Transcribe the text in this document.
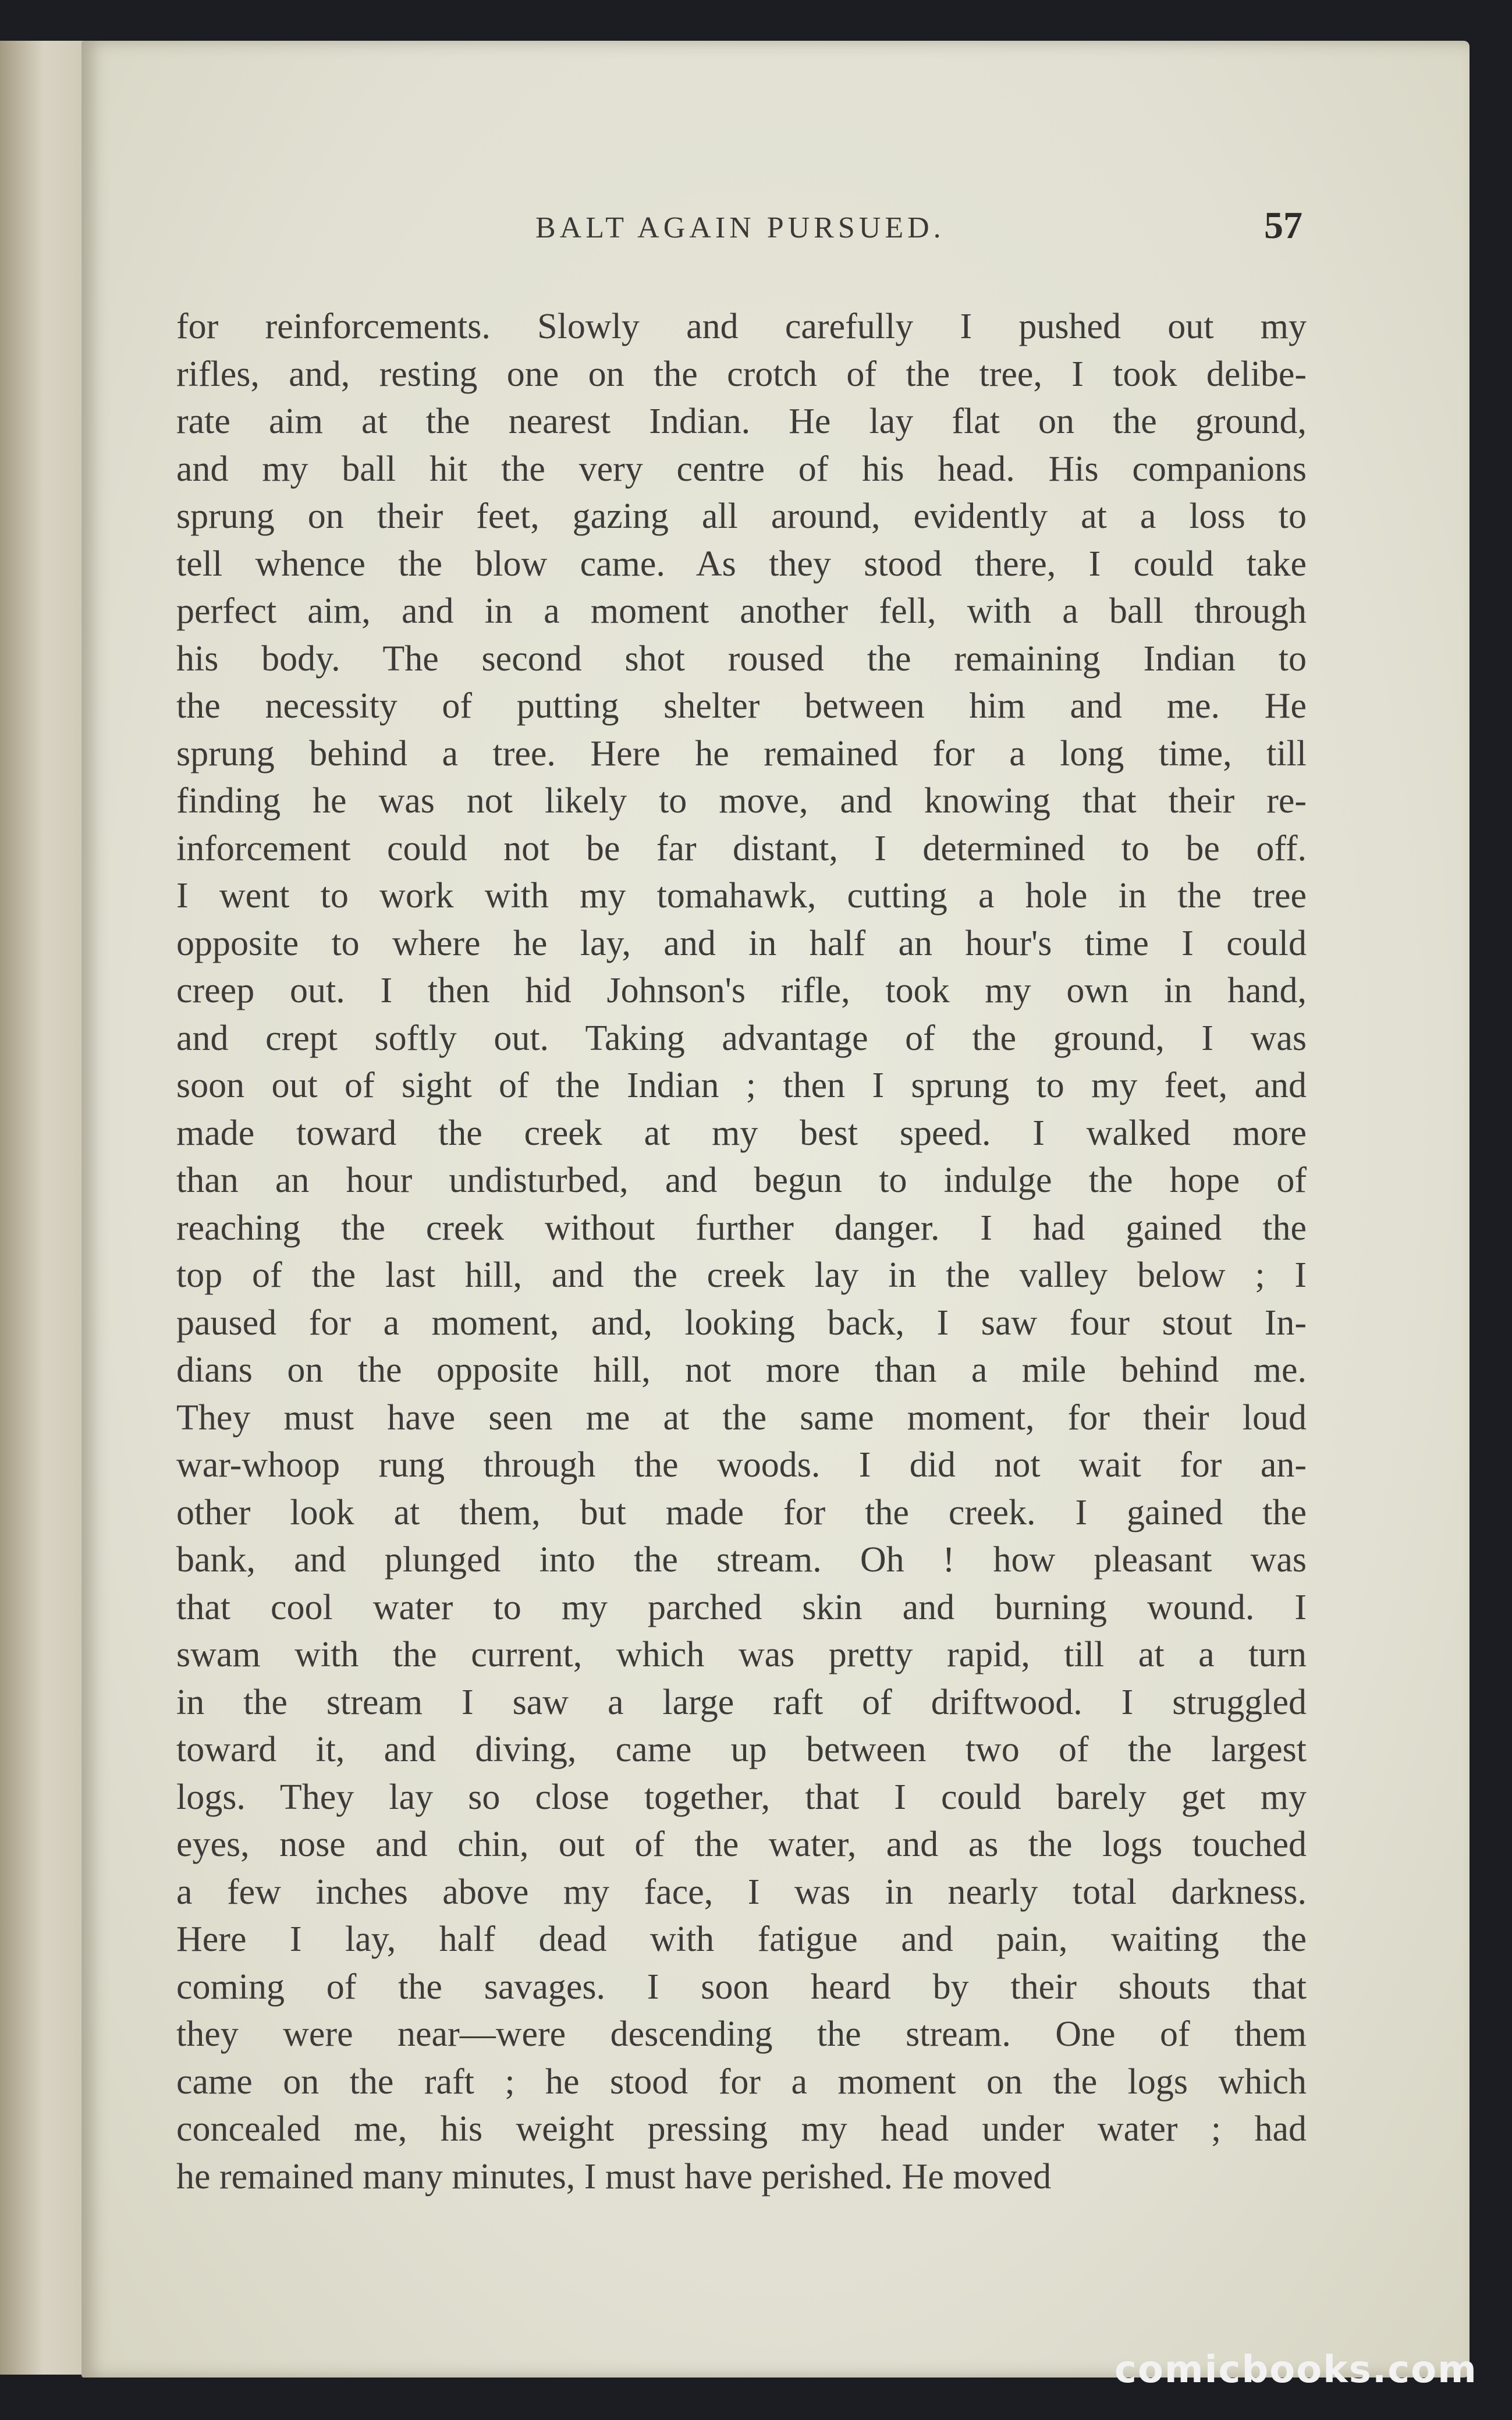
BALT AGAIN PURSUED.	57
for reinforcements. Slowly and carefully I pushed out my
rifles, and, resting one on the crotch of the tree, I took delibe-
rate aim at the nearest Indian. He lay flat on the ground,
and my ball hit the very centre of his head. His companions
sprung on their feet, gazing all around, evidently at a loss to
tell whence the blow came. As they stood there, I could take
perfect aim, and in a moment another fell, with a ball through
his body. The second shot roused the remaining Indian to
the necessity of putting shelter between him and me. He
sprung behind a tree. Here he remained for a long time, till
finding he was not likely to move, and knowing that their re-
inforcement could not be far distant, I determined to be off.
I went to work with my tomahawk, cutting a hole in the tree
opposite to where he lay, and in half an hour's time I could
creep out. I then hid Johnson's rifle, took my own in hand,
and crept softly out. Taking advantage of the ground, I was
soon out of sight of the Indian ; then I sprung to my feet, and
made toward the creek at my best speed. I walked more
than an hour undisturbed, and begun to indulge the hope of
reaching the creek without further danger. I had gained the
top of the last hill, and the creek lay in the valley below ; I
paused for a moment, and, looking back, I saw four stout In-
dians on the opposite hill, not more than a mile behind me.
They must have seen me at the same moment, for their loud
war-whoop rung through the woods. I did not wait for an-
other look at them, but made for the creek. I gained the
bank, and plunged into the stream. Oh ! how pleasant was
that cool water to my parched skin and burning wound. I
swam with the current, which was pretty rapid, till at a turn
in the stream I saw a large raft of driftwood. I struggled
toward it, and diving, came up between two of the largest
logs. They lay so close together, that I could barely get my
eyes, nose and chin, out of the water, and as the logs touched
a few inches above my face, I was in nearly total darkness.
Here I lay, half dead with fatigue and pain, waiting the
coming of the savages. I soon heard by their shouts that
they were near—were descending the stream. One of them
came on the raft ; he stood for a moment on the logs which
concealed me, his weight pressing my head under water ; had
he remained many minutes, I must have perished. He moved
comicbooks.com
